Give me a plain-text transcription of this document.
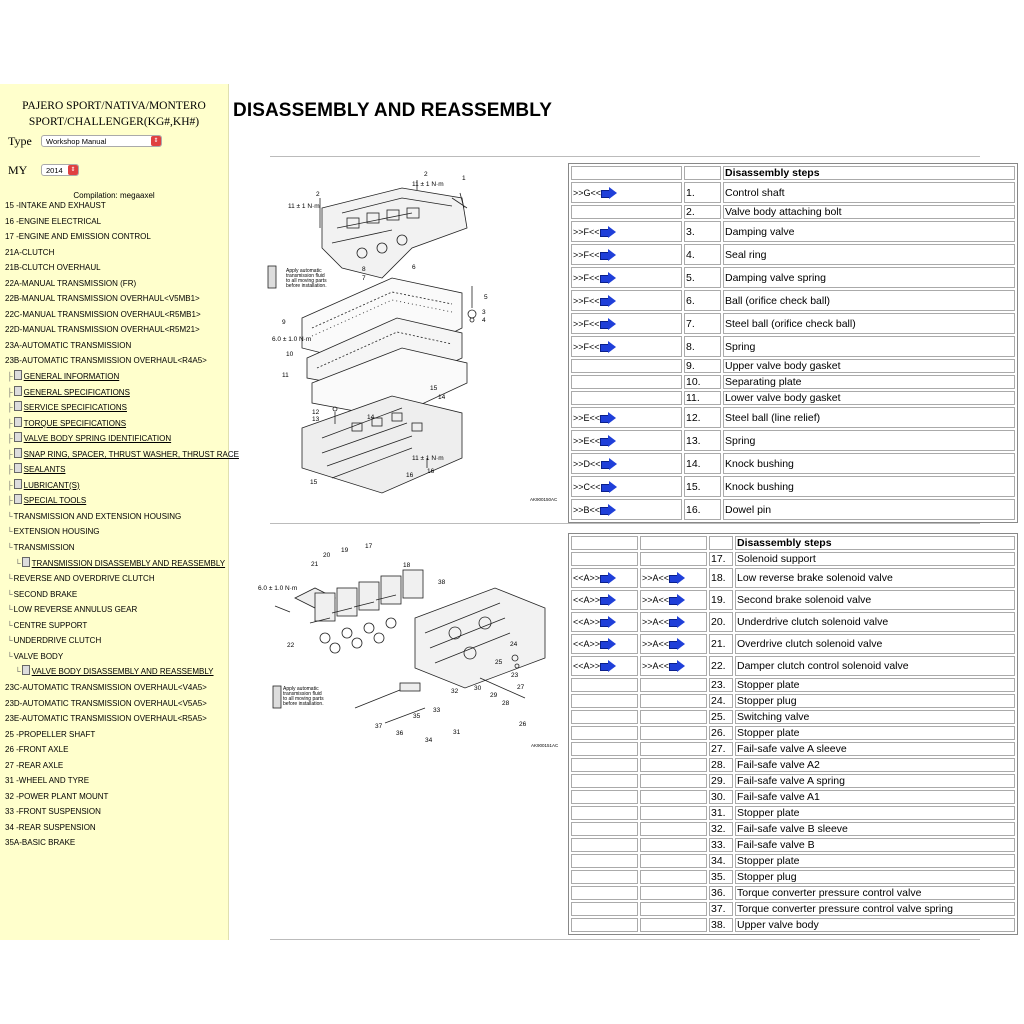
PAJERO SPORT/NATIVA/MONTERO
SPORT/CHALLENGER(KG#,KH#)
Type	Workshop Manual	⇕
MY	2014	⇕
Compilation: megaaxel
15 -INTAKE AND EXHAUST
16 -ENGINE ELECTRICAL
17 -ENGINE AND EMISSION CONTROL
21A-CLUTCH
21B-CLUTCH OVERHAUL
22A-MANUAL TRANSMISSION (FR)
22B-MANUAL TRANSMISSION OVERHAUL<V5MB1>
22C-MANUAL TRANSMISSION OVERHAUL<R5MB1>
22D-MANUAL TRANSMISSION OVERHAUL<R5M21>
23A-AUTOMATIC TRANSMISSION
23B-AUTOMATIC TRANSMISSION OVERHAUL<R4A5>
├ GENERAL INFORMATION
├ GENERAL SPECIFICATIONS
├ SERVICE SPECIFICATIONS
├ TORQUE SPECIFICATIONS
├ VALVE BODY SPRING IDENTIFICATION
├ SNAP RING, SPACER, THRUST WASHER, THRUST RACE
├ SEALANTS
├ LUBRICANT(S)
├ SPECIAL TOOLS
└TRANSMISSION AND EXTENSION HOUSING
└EXTENSION HOUSING
└TRANSMISSION
└ TRANSMISSION DISASSEMBLY AND REASSEMBLY
└REVERSE AND OVERDRIVE CLUTCH
└SECOND BRAKE
└LOW REVERSE ANNULUS GEAR
└CENTRE SUPPORT
└UNDERDRIVE CLUTCH
└VALVE BODY
└ VALVE BODY DISASSEMBLY AND REASSEMBLY
23C-AUTOMATIC TRANSMISSION OVERHAUL<V4A5>
23D-AUTOMATIC TRANSMISSION OVERHAUL<V5A5>
23E-AUTOMATIC TRANSMISSION OVERHAUL<R5A5>
25 -PROPELLER SHAFT
26 -FRONT AXLE
27 -REAR AXLE
31 -WHEEL AND TYRE
32 -POWER PLANT MOUNT
33 -FRONT SUSPENSION
34 -REAR SUSPENSION
35A-BASIC BRAKE
DISASSEMBLY AND REASSEMBLY
2
11 ± 1 N·m
1
2
11 ± 1 N·m
7
8	6
5
3
4
9
6.0 ± 1.0 N·m
10
11
15
14
12
13	14
11 ± 1 N·m
16
16
15
AK900150AC
Apply automatic
transmission fluid
to all moving parts
before installation.
17
19
20
18
21
38
6.0 ± 1.0 N·m
22	24
25
23
27
30
29
28
26
32
33
31
37
35
36
34
AK900151AC
Apply automatic
transmission fluid
to all moving parts
before installation.
		Disassembly steps
>>G<<	1.	Control shaft
	2.	Valve body attaching bolt
>>F<<	3.	Damping valve
>>F<<	4.	Seal ring
>>F<<	5.	Damping valve spring
>>F<<	6.	Ball (orifice check ball)
>>F<<	7.	Steel ball (orifice check ball)
>>F<<	8.	Spring
	9.	Upper valve body gasket
	10.	Separating plate
	11.	Lower valve body gasket
>>E<<	12.	Steel ball (line relief)
>>E<<	13.	Spring
>>D<<	14.	Knock bushing
>>C<<	15.	Knock bushing
>>B<<	16.	Dowel pin
			Disassembly steps
		17.	Solenoid support
<<A>>	>>A<<	18.	Low reverse brake solenoid valve
<<A>>	>>A<<	19.	Second brake solenoid valve
<<A>>	>>A<<	20.	Underdrive clutch solenoid valve
<<A>>	>>A<<	21.	Overdrive clutch solenoid valve
<<A>>	>>A<<	22.	Damper clutch control solenoid valve
		23.	Stopper plate
		24.	Stopper plug
		25.	Switching valve
		26.	Stopper plate
		27.	Fail-safe valve A sleeve
		28.	Fail-safe valve A2
		29.	Fail-safe valve A spring
		30.	Fail-safe valve A1
		31.	Stopper plate
		32.	Fail-safe valve B sleeve
		33.	Fail-safe valve B
		34.	Stopper plate
		35.	Stopper plug
		36.	Torque converter pressure control valve
		37.	Torque converter pressure control valve spring
		38.	Upper valve body
